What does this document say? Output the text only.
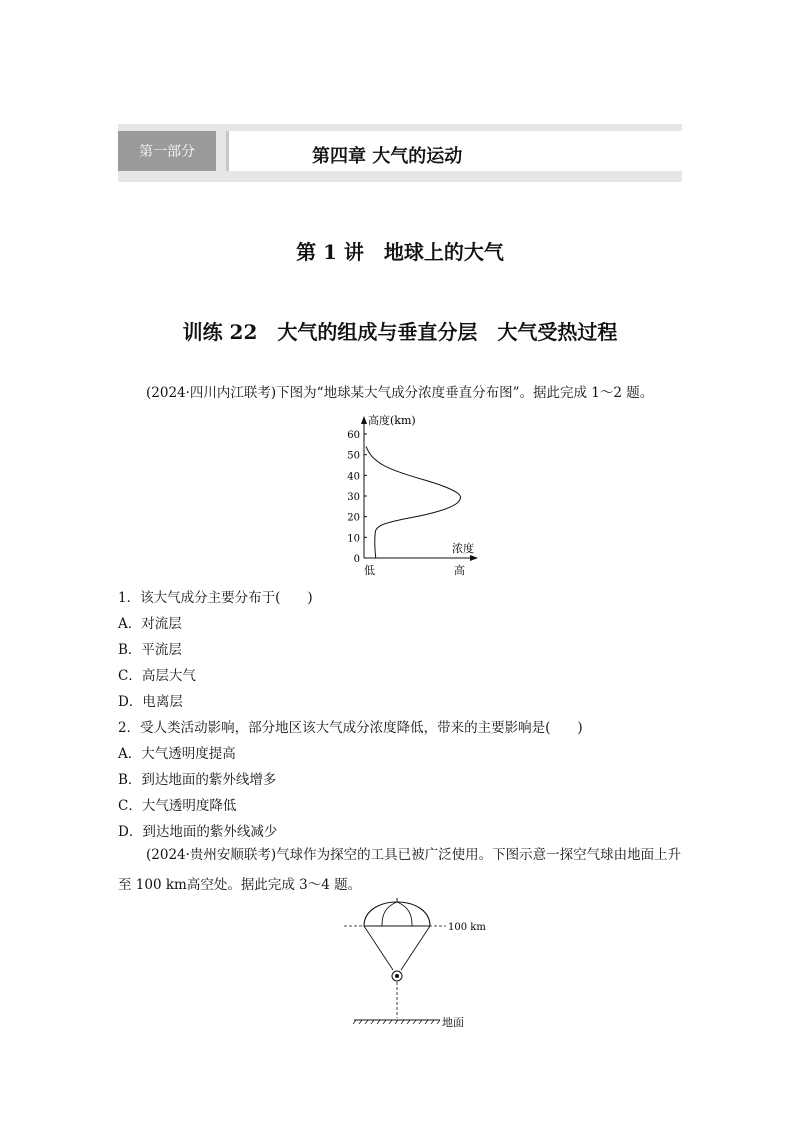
第一部分	第四章 大气的运动
第 1 讲　地球上的大气
训练 22　大气的组成与垂直分层　大气受热过程
(2024·四川内江联考)下图为“地球某大气成分浓度垂直分布图”。据此完成 1～2 题。
60
50
40
30
20
10
0
高度(km)
浓度
低	高
1．该大气成分主要分布于(　　)
A．对流层
B．平流层
C．高层大气
D．电离层
2．受人类活动影响，部分地区该大气成分浓度降低，带来的主要影响是(　　)
A．大气透明度提高
B．到达地面的紫外线增多
C．大气透明度降低
D．到达地面的紫外线减少
(2024·贵州安顺联考)气球作为探空的工具已被广泛使用。下图示意一探空气球由地面上升至 100 km高空处。据此完成 3～4 题。
100 km
地面
